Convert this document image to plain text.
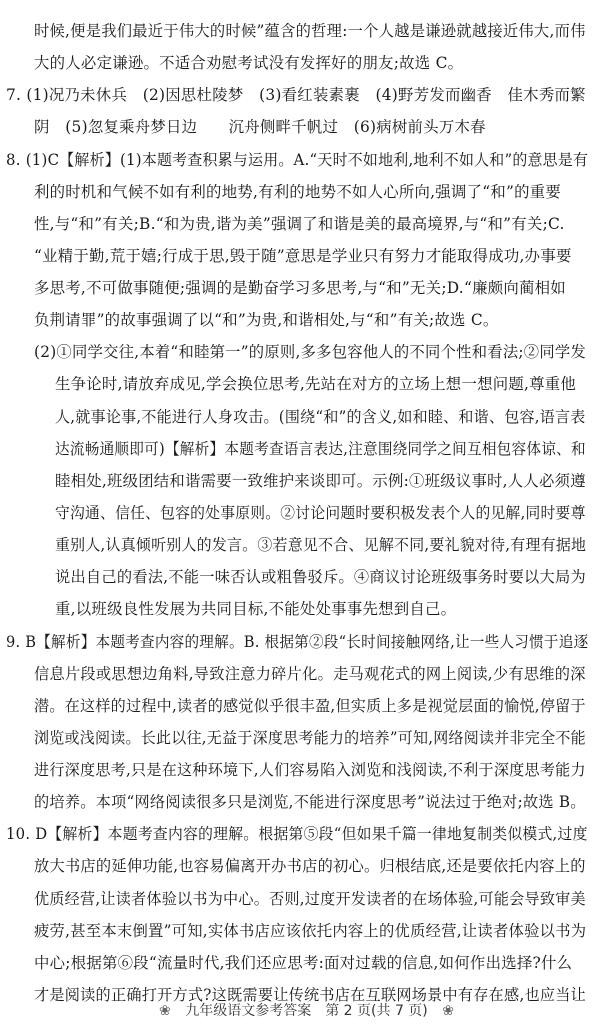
时候,便是我们最近于伟大的时候”蕴含的哲理:一个人越是谦逊就越接近伟大,而伟
大的人必定谦逊。不适合劝慰考试没有发挥好的朋友;故选 C。
7. (1)况乃未休兵　(2)因思杜陵梦　(3)看红装素裹　(4)野芳发而幽香　佳木秀而繁
阴　(5)忽复乘舟梦日边　　沉舟侧畔千帆过　(6)病树前头万木春
8. (1)C【解析】(1)本题考查积累与运用。A.“天时不如地利,地利不如人和”的意思是有
利的时机和气候不如有利的地势,有利的地势不如人心所向,强调了“和”的重要
性,与“和”有关;B.“和为贵,谐为美”强调了和谐是美的最高境界,与“和”有关;C.
“业精于勤,荒于嬉;行成于思,毁于随”意思是学业只有努力才能取得成功,办事要
多思考,不可做事随便;强调的是勤奋学习多思考,与“和”无关;D.“廉颇向蔺相如
负荆请罪”的故事强调了以“和”为贵,和谐相处,与“和”有关;故选 C。
(2)①同学交往,本着“和睦第一”的原则,多多包容他人的不同个性和看法;②同学发
生争论时,请放弃成见,学会换位思考,先站在对方的立场上想一想问题,尊重他
人,就事论事,不能进行人身攻击。(围绕“和”的含义,如和睦、和谐、包容,语言表
达流畅通顺即可)【解析】本题考查语言表达,注意围绕同学之间互相包容体谅、和
睦相处,班级团结和谐需要一致维护来谈即可。示例:①班级议事时,人人必须遵
守沟通、信任、包容的处事原则。②讨论问题时要积极发表个人的见解,同时要尊
重别人,认真倾听别人的发言。③若意见不合、见解不同,要礼貌对待,有理有据地
说出自己的看法,不能一味否认或粗鲁驳斥。④商议讨论班级事务时要以大局为
重,以班级良性发展为共同目标,不能处处事事先想到自己。
9. B【解析】本题考查内容的理解。B. 根据第②段“长时间接触网络,让一些人习惯于追逐
信息片段或思想边角料,导致注意力碎片化。走马观花式的网上阅读,少有思维的深
潜。在这样的过程中,读者的感觉似乎很丰盈,但实质上多是视觉层面的愉悦,停留于
浏览或浅阅读。长此以往,无益于深度思考能力的培养”可知,网络阅读并非完全不能
进行深度思考,只是在这种环境下,人们容易陷入浏览和浅阅读,不利于深度思考能力
的培养。本项“网络阅读很多只是浏览,不能进行深度思考”说法过于绝对;故选 B。
10. D【解析】本题考查内容的理解。根据第⑤段“但如果千篇一律地复制类似模式,过度
放大书店的延伸功能,也容易偏离开办书店的初心。归根结底,还是要依托内容上的
优质经营,让读者体验以书为中心。否则,过度开发读者的在场体验,可能会导致审美
疲劳,甚至本末倒置”可知,实体书店应该依托内容上的优质经营,让读者体验以书为
中心;根据第⑥段“流量时代,我们还应思考:面对过载的信息,如何作出选择?什么
才是阅读的正确打开方式?这既需要让传统书店在互联网场景中有存在感,也应当让
❀ 九年级语文参考答案　第 2 页(共 7 页) ❀
